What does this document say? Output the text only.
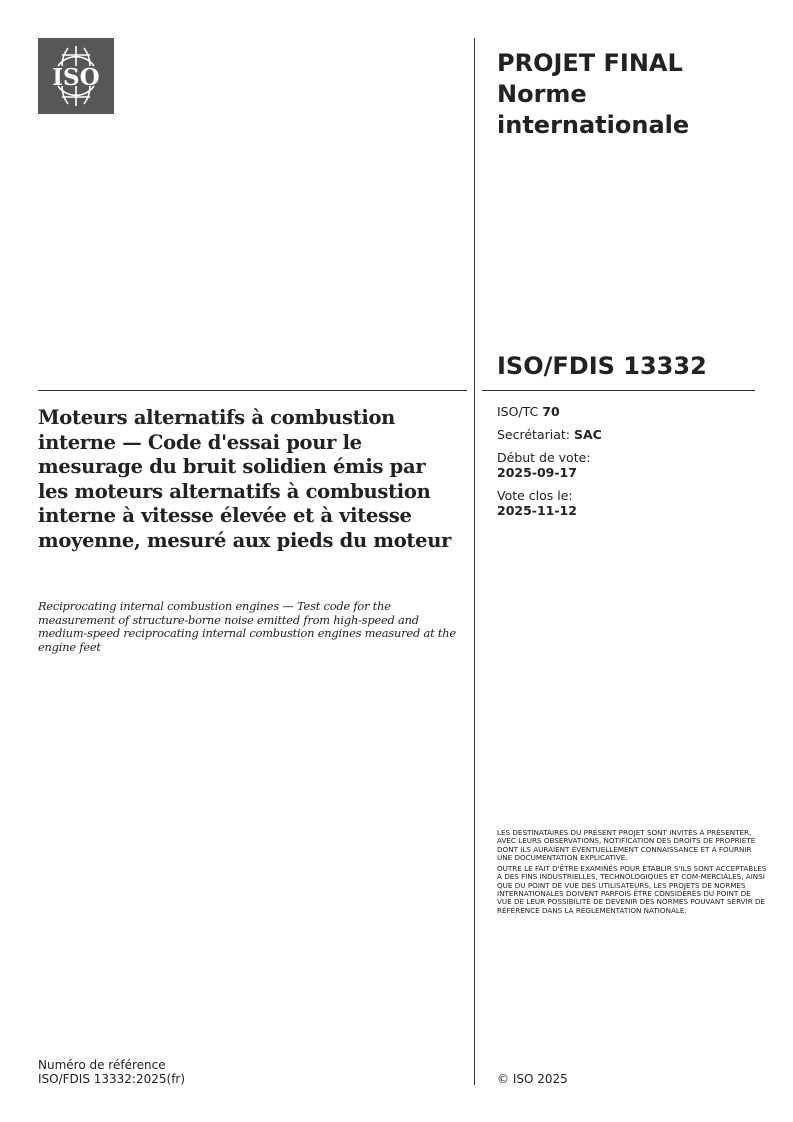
ISO
PROJET FINAL
Norme
internationale
ISO/FDIS 13332
Moteurs alternatifs à combustion interne — Code d'essai pour le mesurage du bruit solidien émis par les moteurs alternatifs à combustion interne à vitesse élevée et à vitesse moyenne, mesuré aux pieds du moteur
Reciprocating internal combustion engines — Test code for the measurement of structure-borne noise emitted from high-speed and medium-speed reciprocating internal combustion engines measured at the engine feet
ISO/TC 70
Secrétariat: SAC
Début de vote:
2025-09-17
Vote clos le:
2025-11-12

LES DESTINATAIRES DU PRÉSENT PROJET SONT INVITÉS À PRÉSENTER, AVEC LEURS OBSERVATIONS, NOTIFICATION DES DROITS DE PROPRIÉTÉ DONT ILS AURAIENT ÉVENTUELLEMENT CONNAISSANCE ET À FOURNIR UNE DOCUMENTATION EXPLICATIVE.

OUTRE LE FAIT D'ÊTRE EXAMINÉS POUR ÉTABLIR S'ILS SONT ACCEPTABLES À DES FINS INDUSTRIELLES, TECHNOLOGIQUES ET COM-MERCIALES, AINSI QUE DU POINT DE VUE DES UTILISATEURS, LES PROJETS DE NORMES INTERNATIONALES DOIVENT PARFOIS ÊTRE CONSIDÉRÉS DU POINT DE VUE DE LEUR POSSIBILITÉ DE DEVENIR DES NORMES POUVANT SERVIR DE RÉFÉRENCE DANS LA RÉGLEMENTATION NATIONALE.

Numéro de référence
ISO/FDIS 13332:2025(fr)	© ISO 2025
